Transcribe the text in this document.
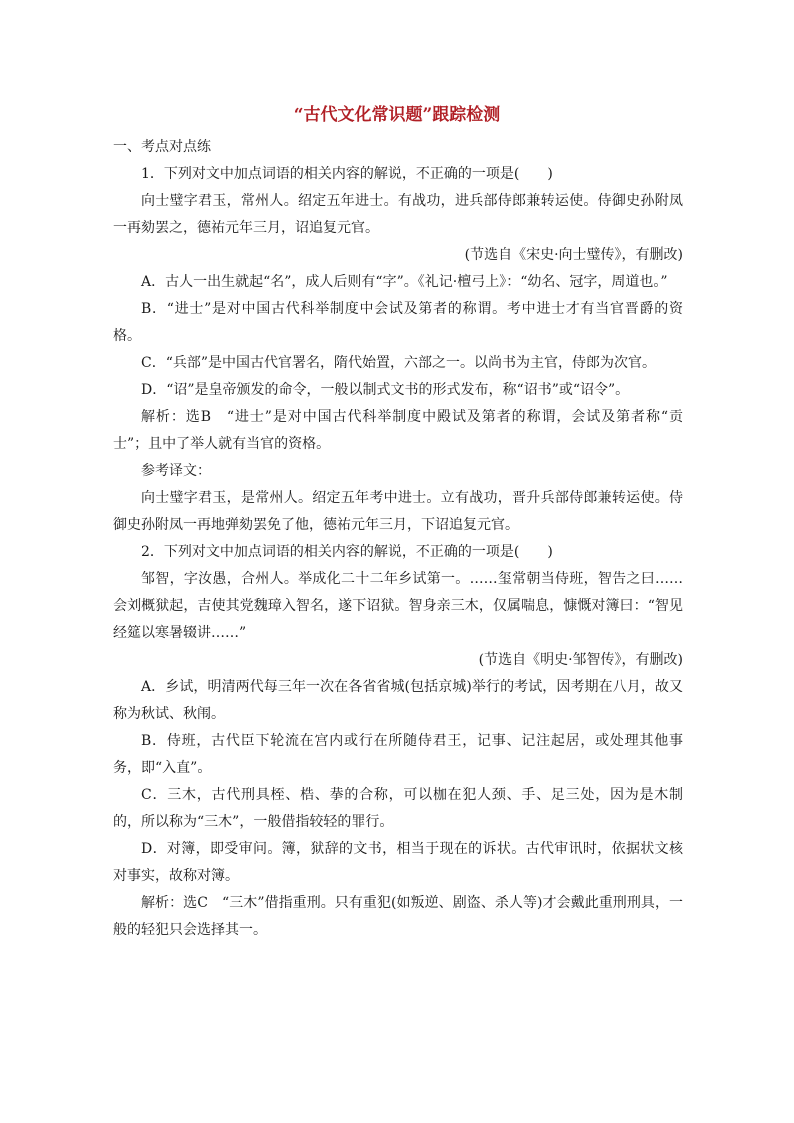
“古代文化常识题”跟踪检测

一、考点对点练

1．下列对文中加点词语的相关内容的解说，不正确的一项是(　　)

向士璧字君玉，常州人。绍定五年进士。有战功，进兵部侍郎兼转运使。侍御史孙附凤一再劾罢之，德祐元年三月，诏追复元官。

(节选自《宋史·向士璧传》，有删改)

A．古人一出生就起“名”，成人后则有“字”。《礼记·檀弓上》：“幼名、冠字，周道也。”

B．“进士”是对中国古代科举制度中会试及第者的称谓。考中进士才有当官晋爵的资格。

C．“兵部”是中国古代官署名，隋代始置，六部之一。以尚书为主官，侍郎为次官。

D．“诏”是皇帝颁发的命令，一般以制式文书的形式发布，称“诏书”或“诏令”。

解析：选B　“进士”是对中国古代科举制度中殿试及第者的称谓，会试及第者称“贡士”；且中了举人就有当官的资格。

参考译文：

向士璧字君玉，是常州人。绍定五年考中进士。立有战功，晋升兵部侍郎兼转运使。侍御史孙附凤一再地弹劾罢免了他，德祐元年三月，下诏追复元官。

2．下列对文中加点词语的相关内容的解说，不正确的一项是(　　)

邹智，字汝愚，合州人。举成化二十二年乡试第一。……玺常朝当侍班，智告之曰……会刘概狱起，吉使其党魏璋入智名，遂下诏狱。智身亲三木，仅属喘息，慷慨对簿曰：“智见经筵以寒暑辍讲……”

(节选自《明史·邹智传》，有删改)

A．乡试，明清两代每三年一次在各省省城(包括京城)举行的考试，因考期在八月，故又称为秋试、秋闱。

B．侍班，古代臣下轮流在宫内或行在所随侍君王，记事、记注起居，或处理其他事务，即“入直”。

C．三木，古代刑具桎、梏、拲的合称，可以枷在犯人颈、手、足三处，因为是木制的，所以称为“三木”，一般借指较轻的罪行。

D．对簿，即受审问。簿，狱辞的文书，相当于现在的诉状。古代审讯时，依据状文核对事实，故称对簿。

解析：选C　“三木”借指重刑。只有重犯(如叛逆、剧盗、杀人等)才会戴此重刑刑具，一般的轻犯只会选择其一。
